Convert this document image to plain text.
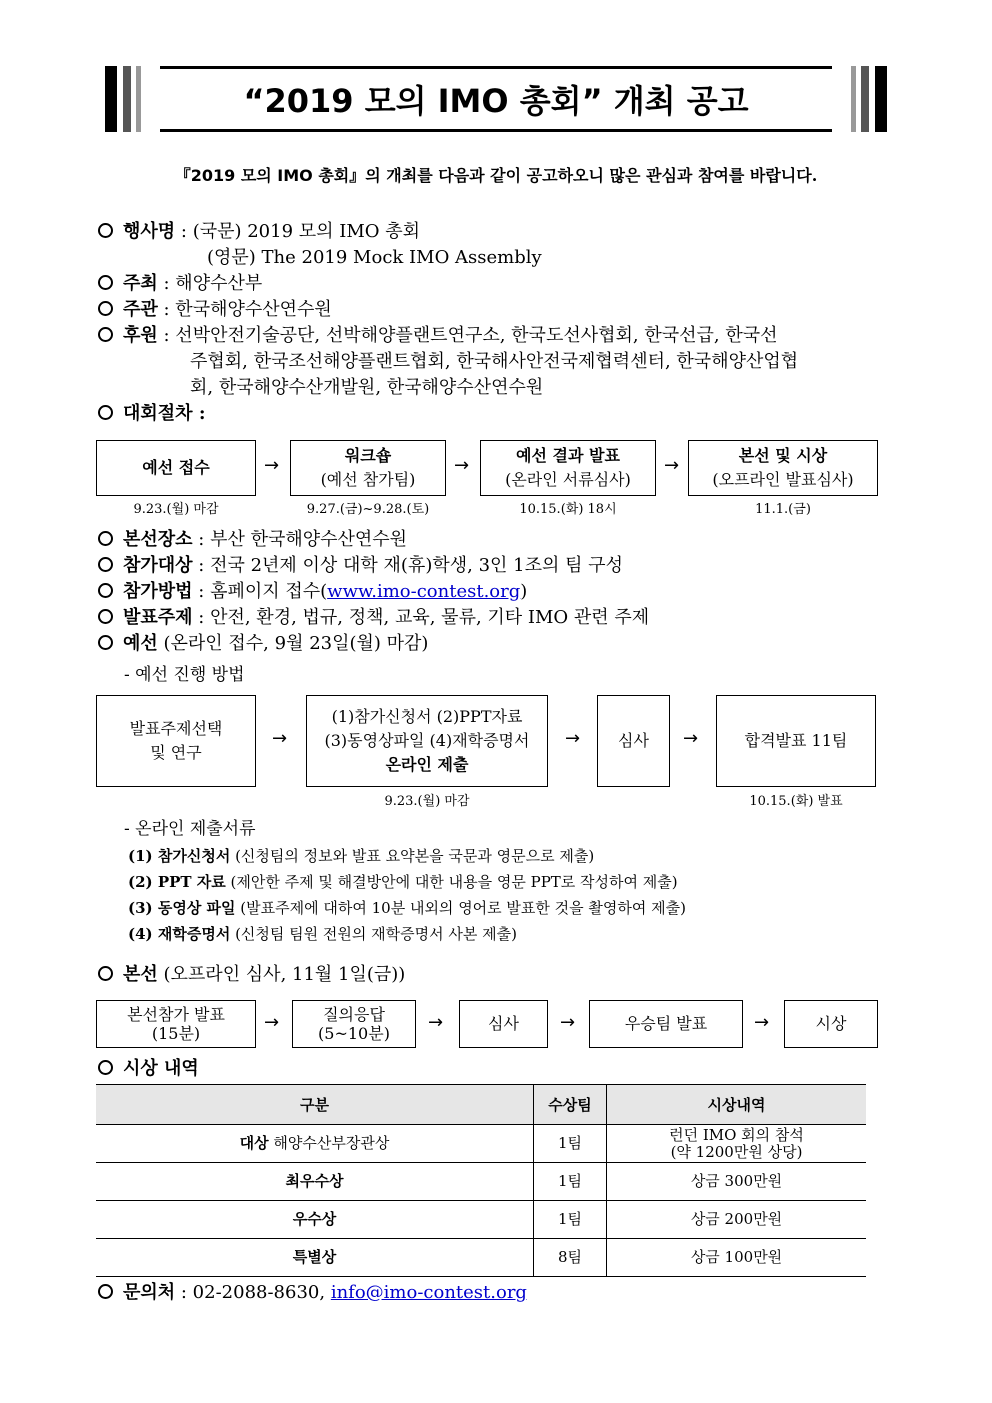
“2019 모의 IMO 총회” 개최 공고
『2019 모의 IMO 총회』의 개최를 다음과 같이 공고하오니 많은 관심과 참여를 바랍니다.
행사명 : (국문) 2019 모의 IMO 총회
(영문) The 2019 Mock IMO Assembly
주최 : 해양수산부
주관 : 한국해양수산연수원
후원 : 선박안전기술공단, 선박해양플랜트연구소, 한국도선사협회, 한국선급, 한국선
주협회, 한국조선해양플랜트협회, 한국해사안전국제협력센터, 한국해양산업협
회, 한국해양수산개발원, 한국해양수산연수원
대회절차 :
예선 접수	→	워크숍
(예선 참가팀)
→	예선 결과 발표
(온라인 서류심사)
→	본선 및 시상
(오프라인 발표심사)
9.23.(월) 마감	9.27.(금)~9.28.(토)	10.15.(화) 18시	11.1.(금)
본선장소 : 부산 한국해양수산연수원
참가대상 : 전국 2년제 이상 대학 재(휴)학생, 3인 1조의 팀 구성
참가방법 : 홈페이지 접수(www.imo-contest.org)
발표주제 : 안전, 환경, 법규, 정책, 교육, 물류, 기타 IMO 관련 주제
예선 (온라인 접수, 9월 23일(월) 마감)
- 예선 진행 방법
발표주제선택
및 연구
→
(1)참가신청서 (2)PPT자료
(3)동영상파일 (4)재학증명서
온라인 제출
→ 심사 →	합격발표 11팀
9.23.(월) 마감	10.15.(화) 발표
- 온라인 제출서류
(1) 참가신청서 (신청팀의 정보와 발표 요약본을 국문과 영문으로 제출)
(2) PPT 자료 (제안한 주제 및 해결방안에 대한 내용을 영문 PPT로 작성하여 제출)
(3) 동영상 파일 (발표주제에 대하여 10분 내외의 영어로 발표한 것을 촬영하여 제출)
(4) 재학증명서 (신청팀 팀원 전원의 재학증명서 사본 제출)
본선 (오프라인 심사, 11월 1일(금))
본선참가 발표
(15분)
→	질의응답
(5~10분)
→	심사 →	우승팀 발표	→	시상
시상 내역
구분	수상팀	시상내역
대상 해양수산부장관상	1팀	런던 IMO 회의 참석
(약 1200만원 상당)
최우수상	1팀	상금 300만원
우수상	1팀	상금 200만원
특별상	8팀	상금 100만원
문의처 : 02-2088-8630, info@imo-contest.org
